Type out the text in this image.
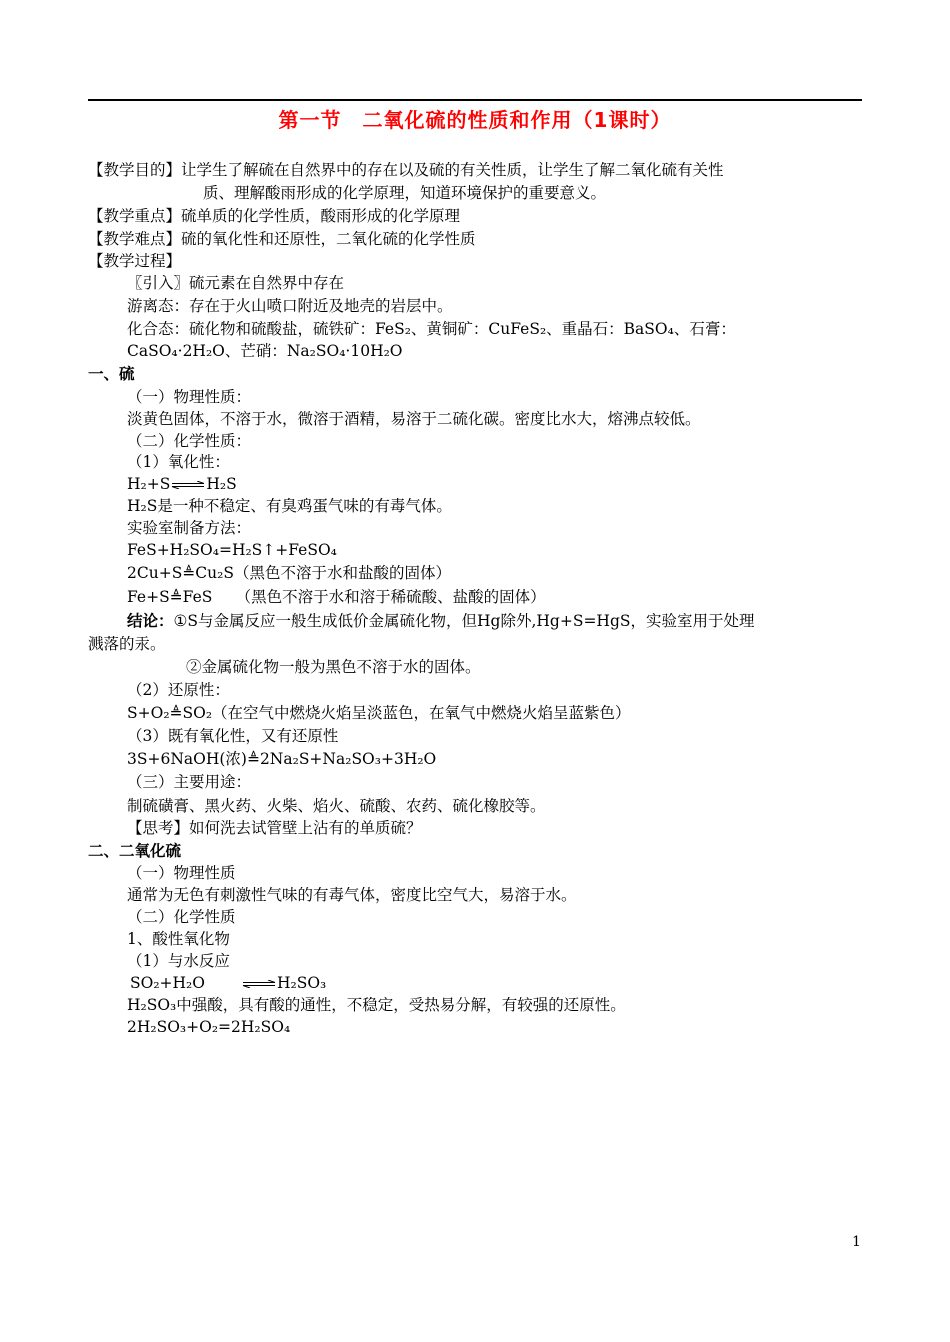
第一节　二氧化硫的性质和作用（1课时）
【教学目的】让学生了解硫在自然界中的存在以及硫的有关性质，让学生了解二氧化硫有关性
质、理解酸雨形成的化学原理，知道环境保护的重要意义。
【教学重点】硫单质的化学性质，酸雨形成的化学原理
【教学难点】硫的氧化性和还原性，二氧化硫的化学性质
【教学过程】
〖引入〗硫元素在自然界中存在
游离态：存在于火山喷口附近及地壳的岩层中。
化合态：硫化物和硫酸盐，硫铁矿：FeS₂、黄铜矿：CuFeS₂、重晶石：BaSO₄、石膏：
CaSO₄·2H₂O、芒硝：Na₂SO₄·10H₂O
一、硫
（一）物理性质：
淡黄色固体，不溶于水，微溶于酒精，易溶于二硫化碳。密度比水大，熔沸点较低。
（二）化学性质：
（1）氧化性：
H₂+S⇌H₂S
H₂S是一种不稳定、有臭鸡蛋气味的有毒气体。
实验室制备方法：
FeS+H₂SO₄=H₂S↑+FeSO₄
2Cu+S≜Cu₂S（黑色不溶于水和盐酸的固体）
Fe+S≜FeS　　（黑色不溶于水和溶于稀硫酸、盐酸的固体）
结论：①S与金属反应一般生成低价金属硫化物，但Hg除外,Hg+S=HgS，实验室用于处理
溅落的汞。
②金属硫化物一般为黑色不溶于水的固体。
（2）还原性：
S+O₂≜SO₂（在空气中燃烧火焰呈淡蓝色，在氧气中燃烧火焰呈蓝紫色）
（3）既有氧化性，又有还原性
3S+6NaOH(浓)≜2Na₂S+Na₂SO₃+3H₂O
（三）主要用途：
制硫磺膏、黑火药、火柴、焰火、硫酸、农药、硫化橡胶等。
【思考】如何洗去试管壁上沾有的单质硫？
二、二氧化硫
（一）物理性质
通常为无色有刺激性气味的有毒气体，密度比空气大，易溶于水。
（二）化学性质
1、酸性氧化物
（1）与水反应
SO₂+H₂O ⇌H₂SO₃
H₂SO₃中强酸，具有酸的通性，不稳定，受热易分解，有较强的还原性。
2H₂SO₃+O₂=2H₂SO₄
1
